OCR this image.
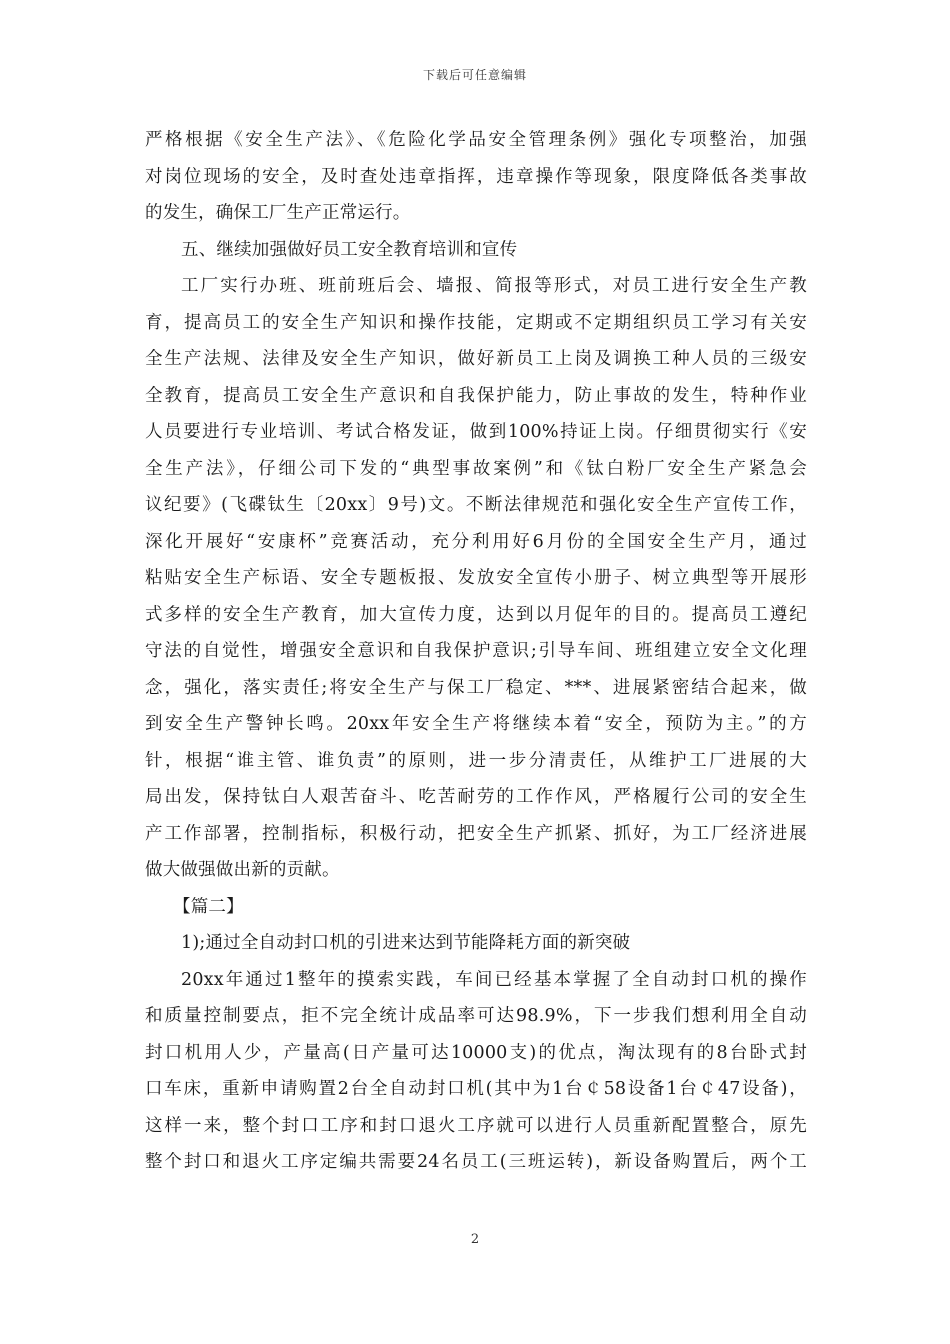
下载后可任意编辑
严格根据《安全生产法》、《危险化学品安全管理条例》强化专项整治，加强
对岗位现场的安全，及时查处违章指挥，违章操作等现象，限度降低各类事故
的发生，确保工厂生产正常运行。
五、继续加强做好员工安全教育培训和宣传
工厂实行办班、班前班后会、墙报、简报等形式，对员工进行安全生产教
育，提高员工的安全生产知识和操作技能，定期或不定期组织员工学习有关安
全生产法规、法律及安全生产知识，做好新员工上岗及调换工种人员的三级安
全教育，提高员工安全生产意识和自我保护能力，防止事故的发生，特种作业
人员要进行专业培训、考试合格发证，做到100%持证上岗。仔细贯彻实行《安
全生产法》，仔细公司下发的“典型事故案例”和《钛白粉厂安全生产紧急会
议纪要》(飞碟钛生〔20xx〕9号)文。不断法律规范和强化安全生产宣传工作，
深化开展好“安康杯”竞赛活动，充分利用好6月份的全国安全生产月，通过
粘贴安全生产标语、安全专题板报、发放安全宣传小册子、树立典型等开展形
式多样的安全生产教育，加大宣传力度，达到以月促年的目的。提高员工遵纪
守法的自觉性，增强安全意识和自我保护意识;引导车间、班组建立安全文化理
念，强化，落实责任;将安全生产与保工厂稳定、***、进展紧密结合起来，做
到安全生产警钟长鸣。20xx年安全生产将继续本着“安全，预防为主。”的方
针，根据“谁主管、谁负责”的原则，进一步分清责任，从维护工厂进展的大
局出发，保持钛白人艰苦奋斗、吃苦耐劳的工作作风，严格履行公司的安全生
产工作部署，控制指标，积极行动，把安全生产抓紧、抓好，为工厂经济进展
做大做强做出新的贡献。
【篇二】
1);通过全自动封口机的引进来达到节能降耗方面的新突破
20xx年通过1整年的摸索实践，车间已经基本掌握了全自动封口机的操作
和质量控制要点，拒不完全统计成品率可达98.9%，下一步我们想利用全自动
封口机用人少，产量高(日产量可达10000支)的优点，淘汰现有的8台卧式封
口车床，重新申请购置2台全自动封口机(其中为1台￠58设备1台￠47设备)，
这样一来，整个封口工序和封口退火工序就可以进行人员重新配置整合，原先
整个封口和退火工序定编共需要24名员工(三班运转)，新设备购置后，两个工
2
